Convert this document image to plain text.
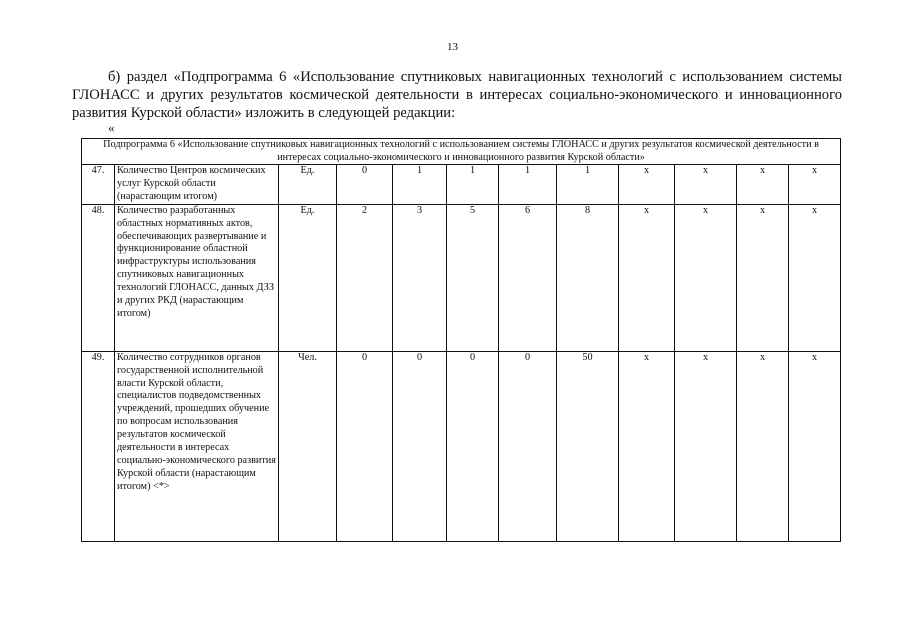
13
б) раздел «Подпрограмма 6 «Использование спутниковых навигационных технологий с использованием системы ГЛОНАСС и других результатов космической деятельности в интересах социально-экономического и инновационного развития Курской области» изложить в следующей редакции:
«
Подпрограмма 6 «Использование спутниковых навигационных технологий с использованием системы ГЛОНАСС и других результатов космической деятельности в интересах социально-экономического и инновационного развития Курской области»											
47.	Количество Центров космических услуг Курской области (нарастающим итогом)	Ед.	0	1	1	1	1	х	х	х	х
48.	Количество разработанных областных нормативных актов, обеспечивающих развертывание и функционирование областной инфраструктуры использования спутниковых навигационных технологий ГЛОНАСС, данных ДЗЗ и других РКД (нарастающим итогом)	Ед.	2	3	5	6	8	х	х	х	х
49.	Количество сотрудников органов государственной исполнительной власти Курской области, специалистов подведомственных учреждений, прошедших обучение по вопросам использования результатов космической деятельности в интересах социально-экономического развития Курской области (нарастающим итогом) <*>	Чел.	0	0	0	0	50	х	х	х	х
